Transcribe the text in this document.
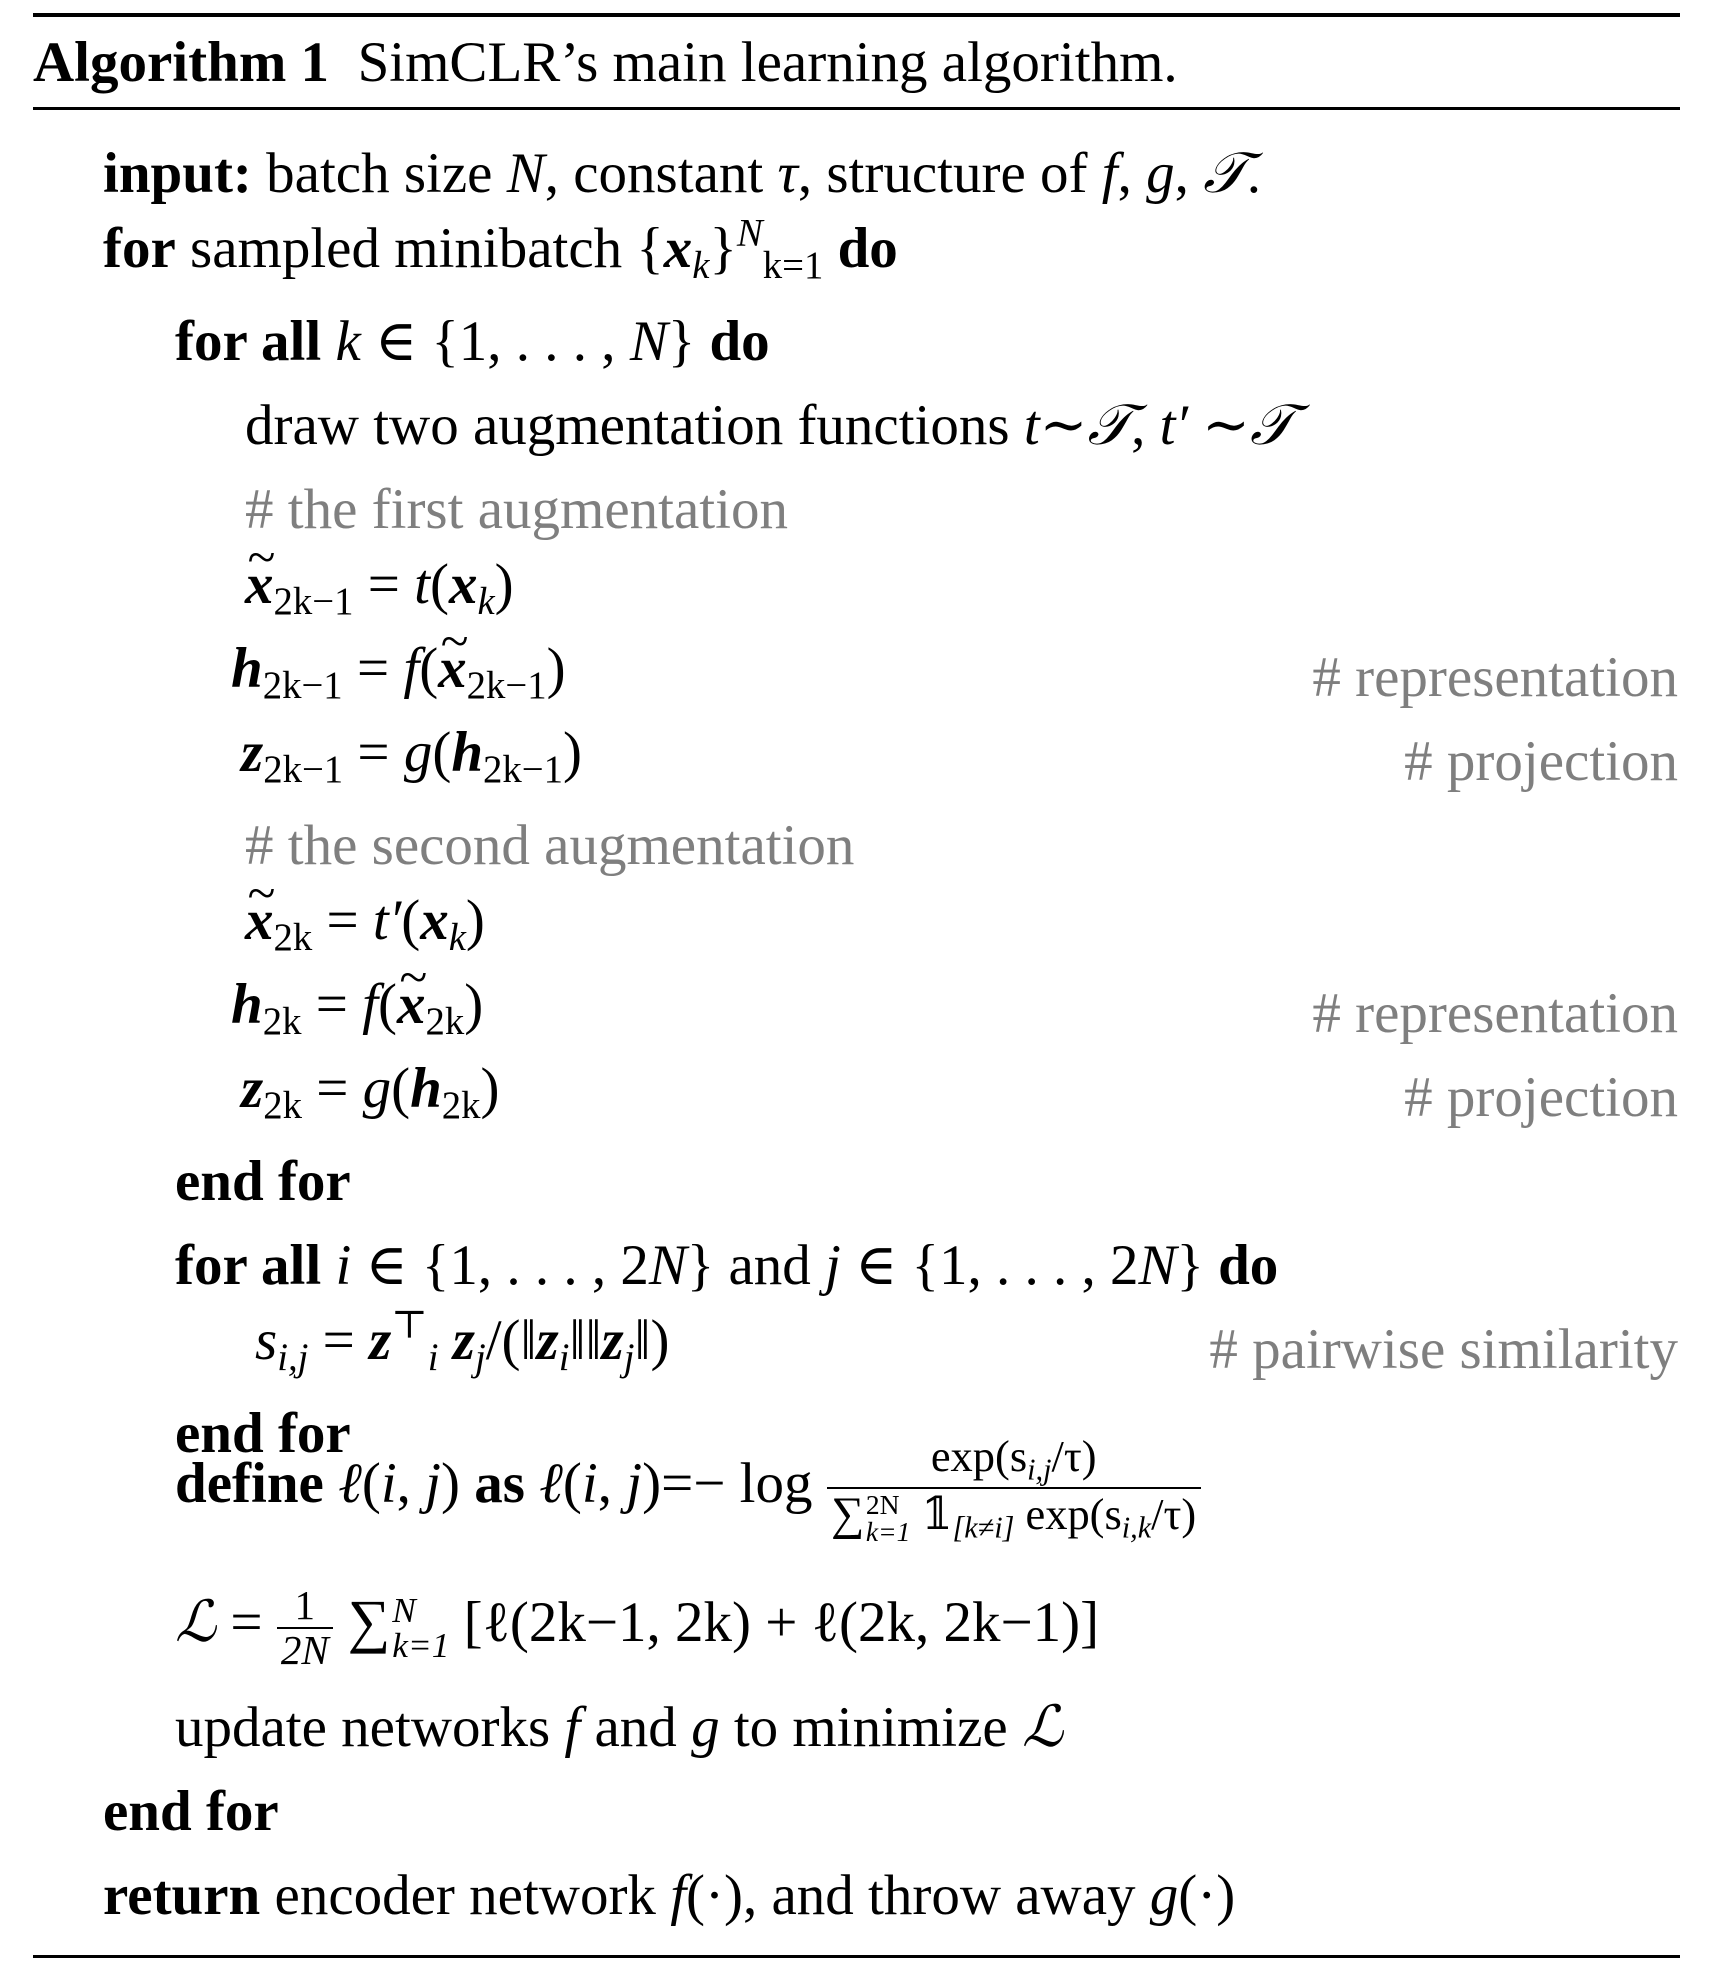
Algorithm 1 SimCLR’s main learning algorithm.
input: batch size N, constant τ, structure of f, g, 𝒯.
for sampled minibatch $\{x_k\}^N_{k=1}$ do
for all k ∈ {1, . . . , N} do
draw two augmentation functions t∼𝒯, t′ ∼𝒯
# the first augmentation
~ $x_{2k-1} = t(x_k)$
$h_{2k-1}$ = f(~ $x_{2k-1}$)	# representation
$z_{2k-1} = g(h_{2k-1})$	# projection
# the second augmentation
~ $x_{2k} = t'(x_k)$
$h_{2k}$ = f(~ $x_{2k}$)	# representation
$z_{2k} = g(h_{2k})$	# projection
end for
for all i ∈ {1, . . . , 2N} and j ∈ {1, . . . , 2N} do
$s_{i,j} = z^⊤_i$ $z_j/(‖z_i‖‖z_j‖)$	# pairwise similarity
end for
define ℓ(i, j) as ℓ(i, $j)=- \log \exp(s_{i,j}/\tau)$
∑ 2N
k=1 $𝟙_{[k\ne i]}$ $\exp(s_{i,k}/\tau)$
ℒ = $\frac{1}{2N}$ ∑ N
k=1 [ℓ(2k−1, 2k) + ℓ(2k, 2k−1)]
update networks f and g to minimize ℒ
end for
return encoder network f(·), and throw away g(·)
